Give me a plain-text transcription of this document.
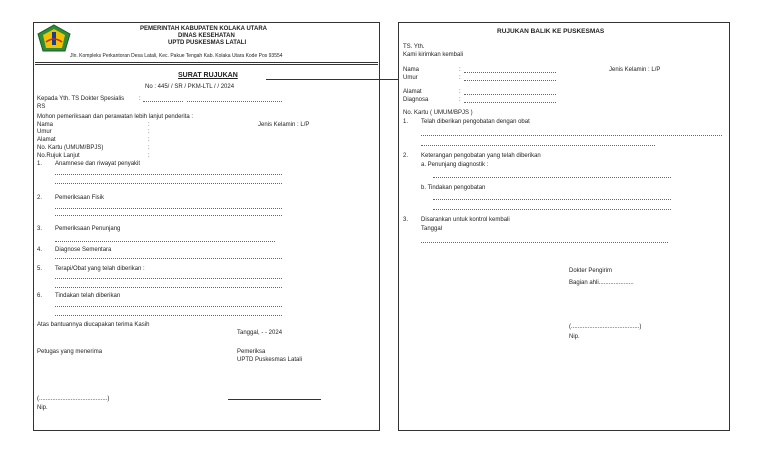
PEMERINTAH KABUPATEN KOLAKA UTARA
DINAS KESEHATAN
UPTD PUSKESMAS LATALI
Jln. Kompleks Perkantoran Desa Latali, Kec. Pakue Tengah Kab. Kolaka Utara Kode Pos 93554
SURAT RUJUKAN
No : 445/ / SR / PKM-LTL / / 2024
Kepada Yth. TS Dokter Spesialis :
RS
Mohon pemeriksaan dan perawatan lebih lanjut penderita :
Nama	:	Jenis Kelamin : L/P
Umur	:
Alamat	:
No. Kartu (UMUM/BPJS)	:
No.Rujuk Lanjut	:
1. Anamnese dan riwayat penyakit
2. Pemeriksaan Fisik
3. Pemeriksaan Penunjang
4. Diagnose Sementara
5. Terapi/Obat yang telah diberikan :
6. Tindakan telah diberikan
Atas bantuannya diucapakan terima Kasih
Tanggal, - - 2024
Petugas yang menerima	Pemeriksa
UPTD Puskesmas Latali
(.........................................)
Nip.
RUJUKAN BALIK KE PUSKESMAS
TS. Yth.
Kami kirimkan kembali
Nama	:	Jenis Kelamin : L/P
Umur	:
Alamat	:
Diagnosa	:
No. Kartu ( UMUM/BPJS )
1. Telah diberikan pengobatan dengan obat
2. Keterangan pengobatan yang telah diberikan
a. Penunjang diagnostik :
b. Tindakan pengobatan
3. Disarankan untuk kontrol kembali
Tanggal
Dokter Pengirim
Bagian ahli.....................
(.........................................)
Nip.
